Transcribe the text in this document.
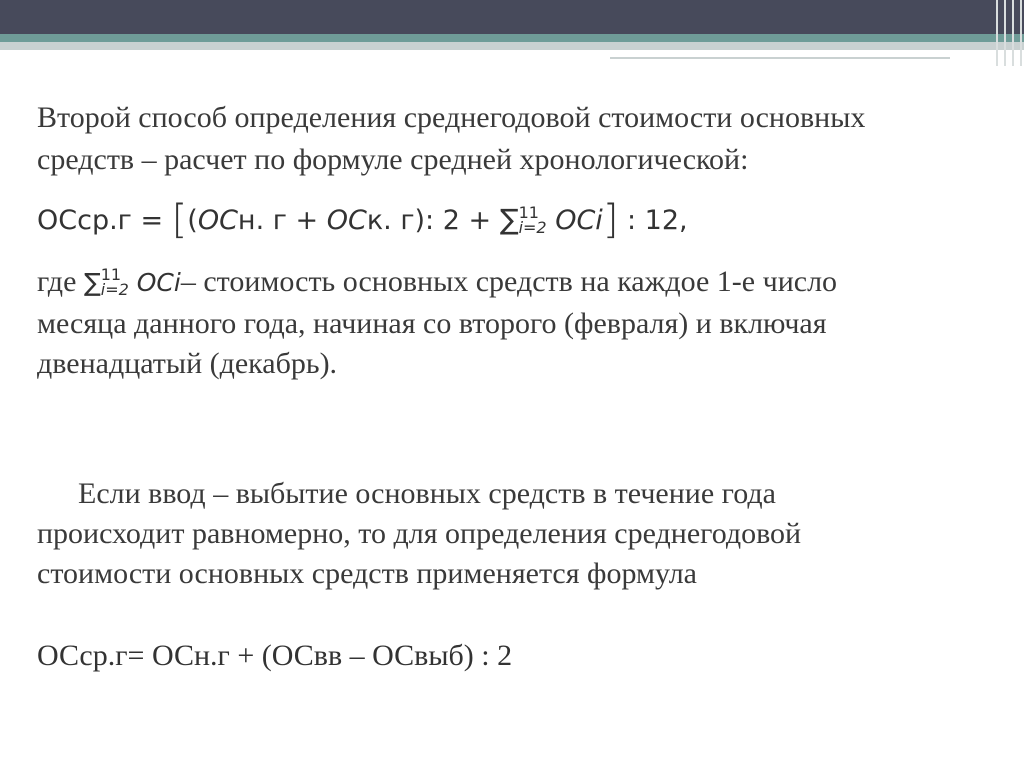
Второй способ определения среднегодовой стоимости основных
средств – расчет по формуле средней хронологической:
ОСср.г = [(ОСн. г + ОСк. г): 2 + ∑ 11
i=2 OCi] : 12,
где ∑ 11
i=2 OCi– стоимость основных средств на каждое 1-е число
месяца данного года, начиная со второго (февраля) и включая
двенадцатый (декабрь).
Если ввод – выбытие основных средств в течение года
происходит равномерно, то для определения среднегодовой
стоимости основных средств применяется формула
ОСср.г= ОСн.г + (ОСвв – ОСвыб) : 2
